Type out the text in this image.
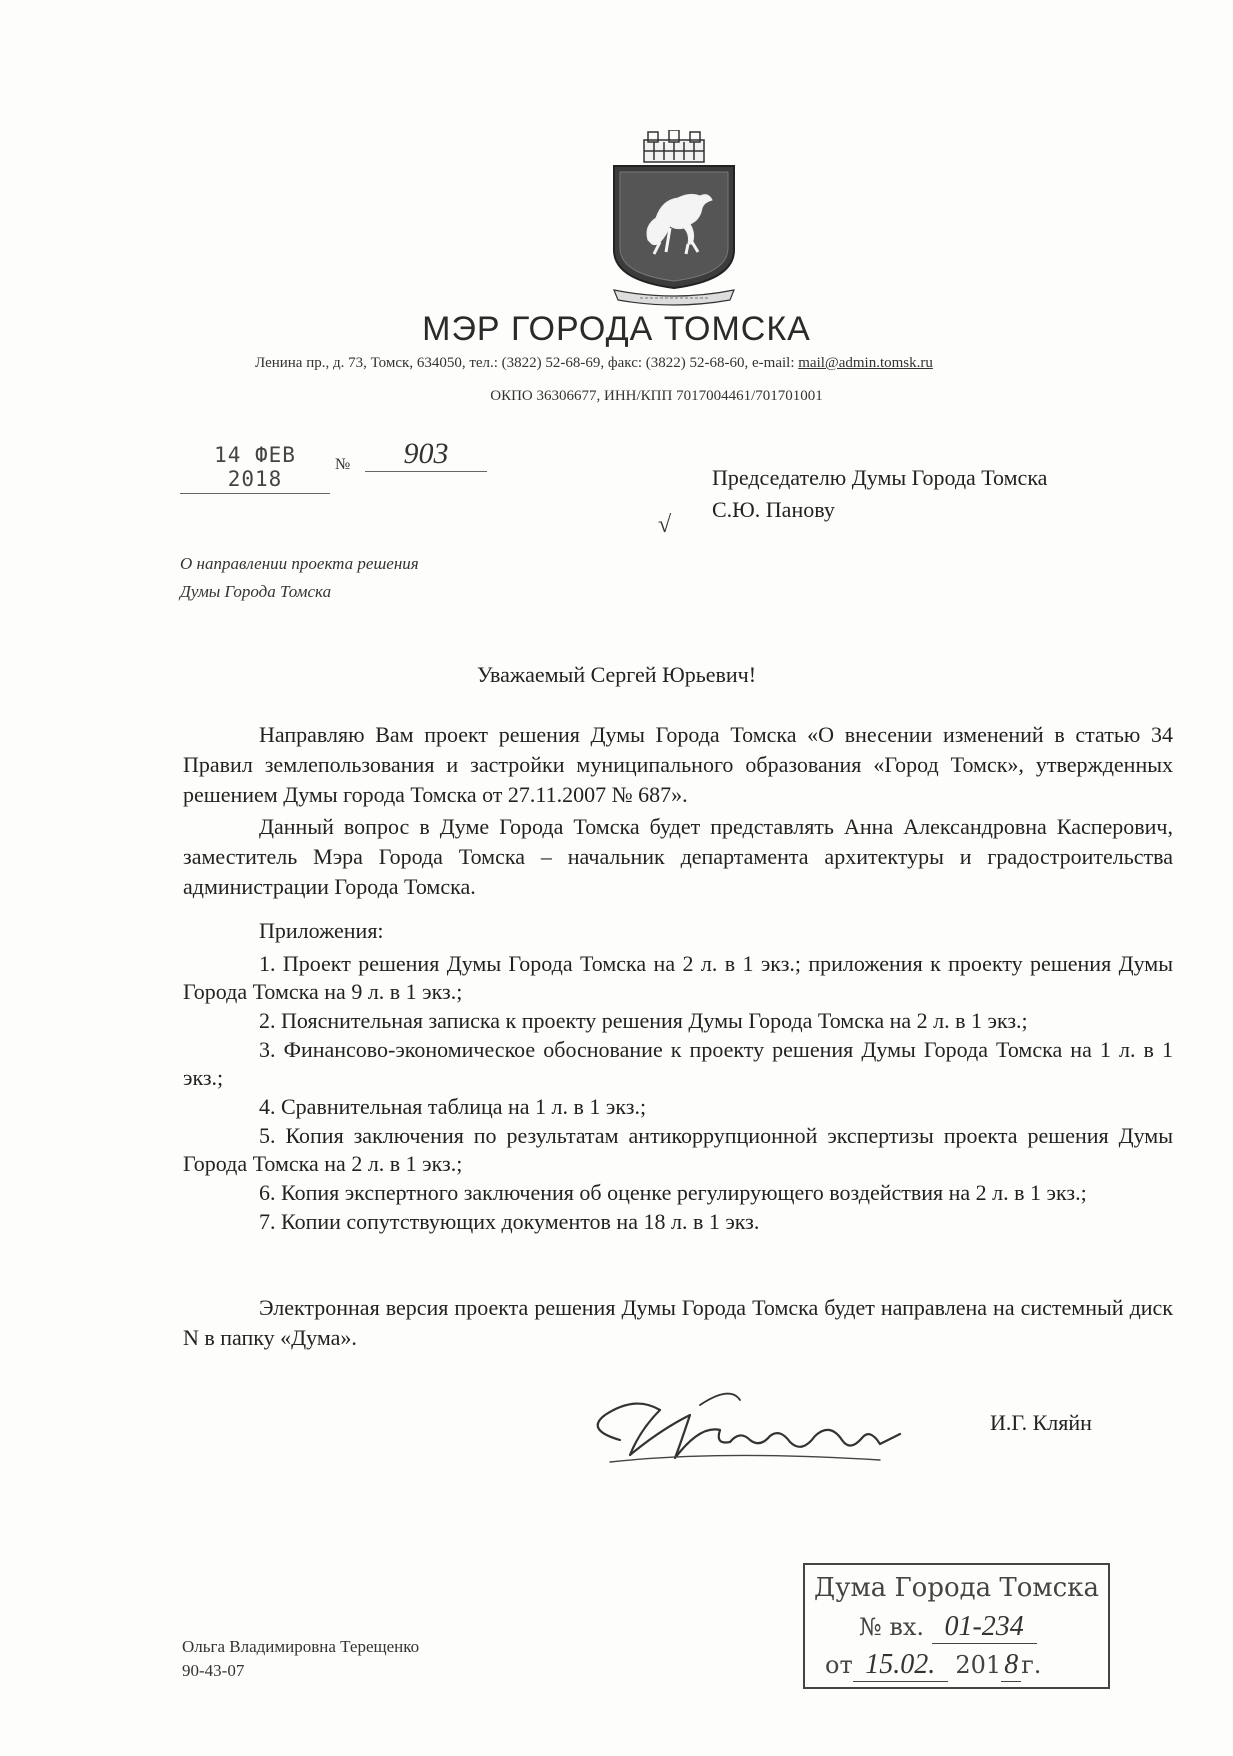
МЭР ГОРОДА ТОМСКА
Ленина пр., д. 73, Томск, 634050, тел.: (3822) 52-68-69, факс: (3822) 52-68-60, e-mail: mail@admin.tomsk.ru
ОКПО 36306677, ИНН/КПП 7017004461/701701001
14 ФЕВ 2018
№	903
Председателю Думы Города Томска
С.Ю. Панову
√
О направлении проекта решения
Думы Города Томска
Уважаемый Сергей Юрьевич!

Направляю Вам проект решения Думы Города Томска «О внесении изменений в статью 34 Правил землепользования и застройки муниципального образования «Город Томск», утвержденных решением Думы города Томска от 27.11.2007 № 687».

Данный вопрос в Думе Города Томска будет представлять Анна Александровна Касперович, заместитель Мэра Города Томска – начальник департамента архитектуры и градостроительства администрации Города Томска.

Приложения:

1. Проект решения Думы Города Томска на 2 л. в 1 экз.; приложения к проекту решения Думы Города Томска на 9 л. в 1 экз.;

2. Пояснительная записка к проекту решения Думы Города Томска на 2 л. в 1 экз.;

3. Финансово-экономическое обоснование к проекту решения Думы Города Томска на 1 л. в 1 экз.;

4. Сравнительная таблица на 1 л. в 1 экз.;

5. Копия заключения по результатам антикоррупционной экспертизы проекта решения Думы Города Томска на 2 л. в 1 экз.;

6. Копия экспертного заключения об оценке регулирующего воздействия на 2 л. в 1 экз.;

7. Копии сопутствующих документов на 18 л. в 1 экз.

Электронная версия проекта решения Думы Города Томска будет направлена на системный диск N в папку «Дума».

И.Г. Кляйн
Дума Города Томска
№ вх. 01-234
от 15.02. 201 8 г.
Ольга Владимировна Терещенко
90-43-07
